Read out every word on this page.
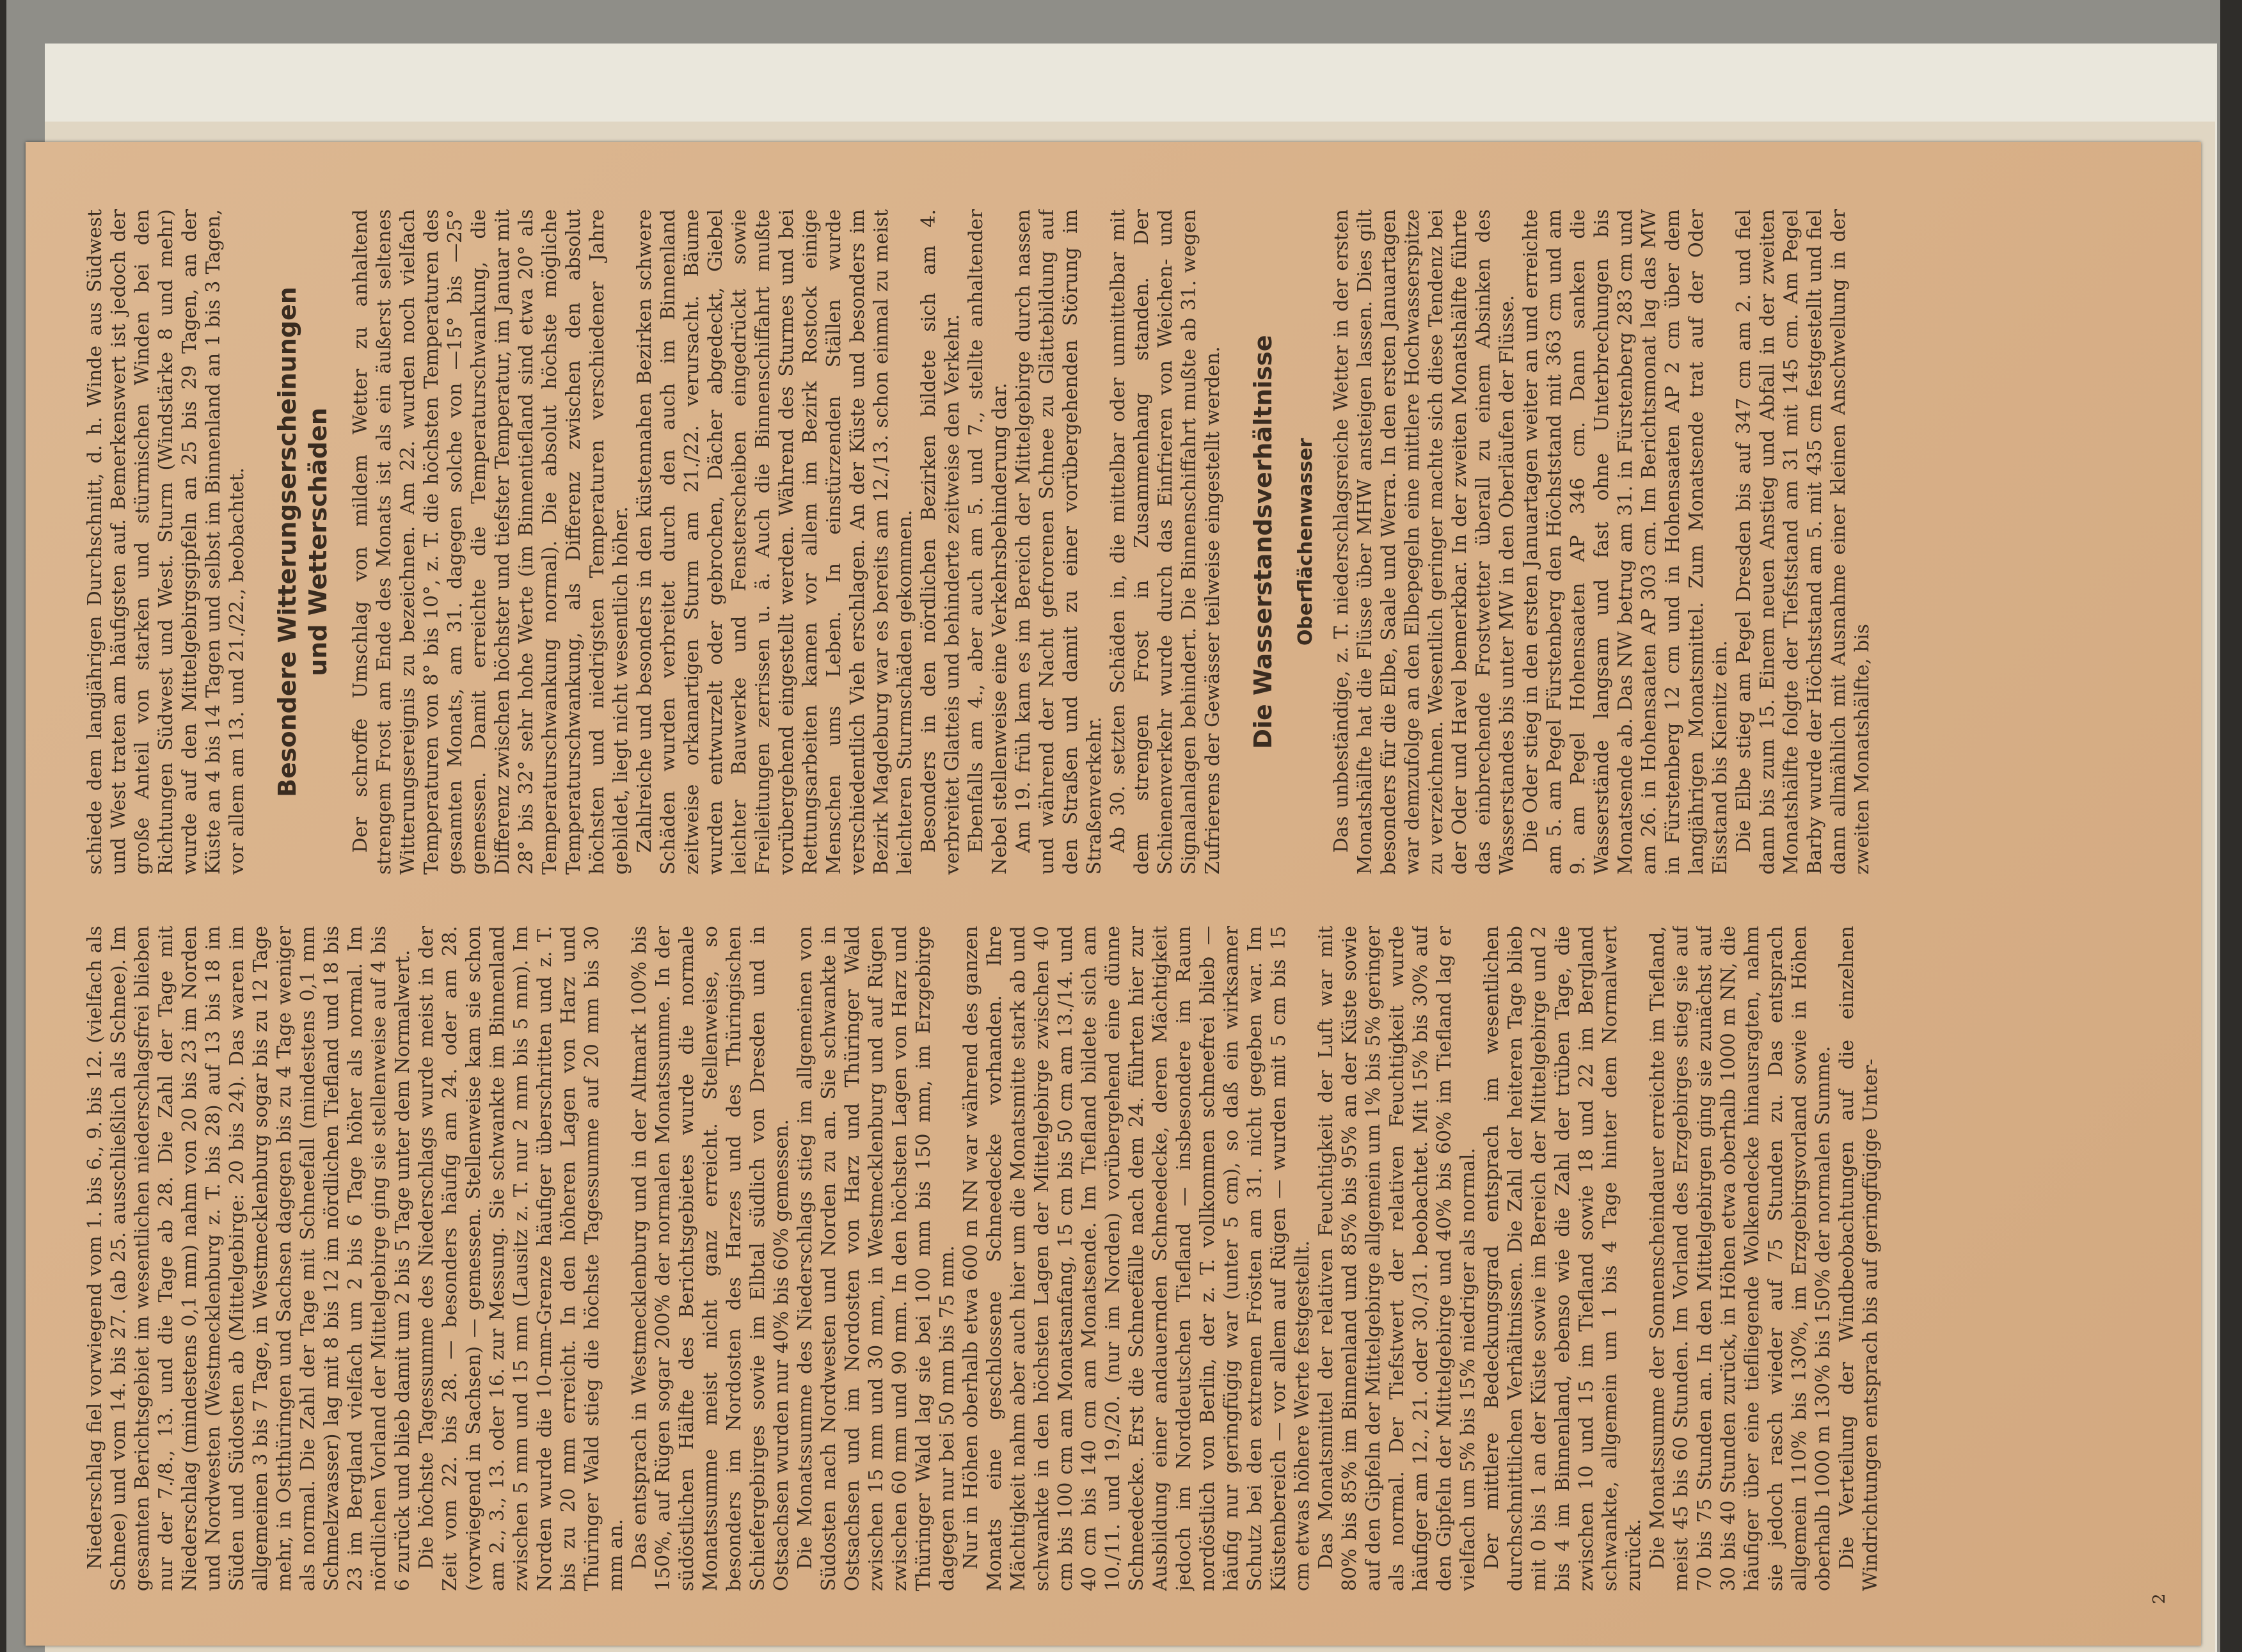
Niederschlag fiel vorwiegend vom 1. bis 6., 9. bis 12. (vielfach als Schnee) und vom 14. bis 27. (ab 25. ausschließlich als Schnee). Im gesamten Berichtsgebiet im wesentlichen niederschlagsfrei blieben nur der 7./8., 13. und die Tage ab 28. Die Zahl der Tage mit Niederschlag (mindestens 0,1 mm) nahm von 20 bis 23 im Norden und Nordwesten (Westmecklenburg z. T. bis 28) auf 13 bis 18 im Süden und Südosten ab (Mittelgebirge: 20 bis 24). Das waren im allgemeinen 3 bis 7 Tage, in Westmecklenburg sogar bis zu 12 Tage mehr, in Ostthüringen und Sachsen dagegen bis zu 4 Tage weniger als normal. Die Zahl der Tage mit Schneefall (mindestens 0,1 mm Schmelzwasser) lag mit 8 bis 12 im nördlichen Tiefland und 18 bis 23 im Bergland vielfach um 2 bis 6 Tage höher als normal. Im nördlichen Vorland der Mittelgebirge ging sie stellenweise auf 4 bis 6 zurück und blieb damit um 2 bis 5 Tage unter dem Normalwert. Die höchste Tagessumme des Niederschlags wurde meist in der Zeit vom 22. bis 28. — besonders häufig am 24. oder am 28. (vorwiegend in Sachsen) — gemessen. Stellenweise kam sie schon am 2., 3., 13. oder 16. zur Messung. Sie schwankte im Binnenland zwischen 5 mm und 15 mm (Lausitz z. T. nur 2 mm bis 5 mm). Im Norden wurde die 10-mm-Grenze häufiger überschritten und z. T. bis zu 20 mm erreicht. In den höheren Lagen von Harz und Thüringer Wald stieg die höchste Tagessumme auf 20 mm bis 30 mm an. Das entsprach in Westmecklenburg und in der Altmark 100% bis 150%, auf Rügen sogar 200% der normalen Monatssumme. In der südöstlichen Hälfte des Berichtsgebietes wurde die normale Monatssumme meist nicht ganz erreicht. Stellenweise, so besonders im Nordosten des Harzes und des Thüringischen Schiefergebirges sowie im Elbtal südlich von Dresden und in Ostsachsen wurden nur 40% bis 60% gemessen. Die Monatssumme des Niederschlags stieg im allgemeinen von Südosten nach Nordwesten und Norden zu an. Sie schwankte in Ostsachsen und im Nordosten von Harz und Thüringer Wald zwischen 15 mm und 30 mm, in Westmecklenburg und auf Rügen zwischen 60 mm und 90 mm. In den höchsten Lagen von Harz und Thüringer Wald lag sie bei 100 mm bis 150 mm, im Erzgebirge dagegen nur bei 50 mm bis 75 mm. Nur in Höhen oberhalb etwa 600 m NN war während des ganzen Monats eine geschlossene Schneedecke vorhanden. Ihre Mächtigkeit nahm aber auch hier um die Monatsmitte stark ab und schwankte in den höchsten Lagen der Mittelgebirge zwischen 40 cm bis 100 cm am Monatsanfang, 15 cm bis 50 cm am 13./14. und 40 cm bis 140 cm am Monatsende. Im Tiefland bildete sich am 10./11. und 19./20. (nur im Norden) vorübergehend eine dünne Schneedecke. Erst die Schneefälle nach dem 24. führten hier zur Ausbildung einer andauernden Schneedecke, deren Mächtigkeit jedoch im Norddeutschen Tiefland — insbesondere im Raum nordöstlich von Berlin, der z. T. vollkommen schneefrei blieb — häufig nur geringfügig war (unter 5 cm), so daß ein wirksamer Schutz bei den extremen Frösten am 31. nicht gegeben war. Im Küstenbereich — vor allem auf Rügen — wurden mit 5 cm bis 15 cm etwas höhere Werte festgestellt. Das Monatsmittel der relativen Feuchtigkeit der Luft war mit 80% bis 85% im Binnenland und 85% bis 95% an der Küste sowie auf den Gipfeln der Mittelgebirge allgemein um 1% bis 5% geringer als normal. Der Tiefstwert der relativen Feuchtigkeit wurde häufiger am 12., 21. oder 30./31. beobachtet. Mit 15% bis 30% auf den Gipfeln der Mittelgebirge und 40% bis 60% im Tiefland lag er vielfach um 5% bis 15% niedriger als normal. Der mittlere Bedeckungsgrad entsprach im wesentlichen durchschnittlichen Verhältnissen. Die Zahl der heiteren Tage blieb mit 0 bis 1 an der Küste sowie im Bereich der Mittelgebirge und 2 bis 4 im Binnenland, ebenso wie die Zahl der trüben Tage, die zwischen 10 und 15 im Tiefland sowie 18 und 22 im Bergland schwankte, allgemein um 1 bis 4 Tage hinter dem Normalwert zurück. Die Monatssumme der Sonnenscheindauer erreichte im Tiefland, meist 45 bis 60 Stunden. Im Vorland des Erzgebirges stieg sie auf 70 bis 75 Stunden an. In den Mittelgebirgen ging sie zunächst auf 30 bis 40 Stunden zurück, in Höhen etwa oberhalb 1000 m NN, die häufiger über eine tiefliegende Wolkendecke hinausragten, nahm sie jedoch rasch wieder auf 75 Stunden zu. Das entsprach allgemein 110% bis 130%, im Erzgebirgsvorland sowie in Höhen oberhalb 1000 m 130% bis 150% der normalen Summe. Die Verteilung der Windbeobachtungen auf die einzelnen Windrichtungen entsprach bis auf geringfügige Unter-

schiede dem langjährigen Durchschnitt, d. h. Winde aus Südwest und West traten am häufigsten auf. Bemerkenswert ist jedoch der große Anteil von starken und stürmischen Winden bei den Richtungen Südwest und West. Sturm (Windstärke 8 und mehr) wurde auf den Mittelgebirgsgipfeln an 25 bis 29 Tagen, an der Küste an 4 bis 14 Tagen und selbst im Binnenland an 1 bis 3 Tagen, vor allem am 13. und 21./22., beobachtet. Besondere Witterungserscheinungen und Wetterschäden Der schroffe Umschlag von mildem Wetter zu anhaltend strengem Frost am Ende des Monats ist als ein äußerst seltenes Witterungsereignis zu bezeichnen. Am 22. wurden noch vielfach Temperaturen von 8° bis 10°, z. T. die höchsten Temperaturen des gesamten Monats, am 31. dagegen solche von —15° bis —25° gemessen. Damit erreichte die Temperaturschwankung, die Differenz zwischen höchster und tiefster Temperatur, im Januar mit 28° bis 32° sehr hohe Werte (im Binnentiefland sind etwa 20° als Temperaturschwankung normal). Die absolut höchste mögliche Temperaturschwankung, als Differenz zwischen den absolut höchsten und niedrigsten Temperaturen verschiedener Jahre gebildet, liegt nicht wesentlich höher. Zahlreiche und besonders in den küstennahen Bezirken schwere Schäden wurden verbreitet durch den auch im Binnenland zeitweise orkanartigen Sturm am 21./22. verursacht. Bäume wurden entwurzelt oder gebrochen, Dächer abgedeckt, Giebel leichter Bauwerke und Fensterscheiben eingedrückt sowie Freileitungen zerrissen u. ä. Auch die Binnenschiffahrt mußte vorübergehend eingestellt werden. Während des Sturmes und bei Rettungsarbeiten kamen vor allem im Bezirk Rostock einige Menschen ums Leben. In einstürzenden Ställen wurde verschiedentlich Vieh erschlagen. An der Küste und besonders im Bezirk Magdeburg war es bereits am 12./13. schon einmal zu meist leichteren Sturmschäden gekommen. Besonders in den nördlichen Bezirken bildete sich am 4. verbreitet Glatteis und behinderte zeitweise den Verkehr. Ebenfalls am 4., aber auch am 5. und 7., stellte anhaltender Nebel stellenweise eine Verkehrsbehinderung dar. Am 19. früh kam es im Bereich der Mittelgebirge durch nassen und während der Nacht gefrorenen Schnee zu Glättebildung auf den Straßen und damit zu einer vorübergehenden Störung im Straßenverkehr. Ab 30. setzten Schäden in, die mittelbar oder unmittelbar mit dem strengen Frost in Zusammenhang standen. Der Schienenverkehr wurde durch das Einfrieren von Weichen- und Signalanlagen behindert. Die Binnenschiffahrt mußte ab 31. wegen Zufrierens der Gewässer teilweise eingestellt werden. Die Wasserstandsverhältnisse Oberflächenwasser Das unbeständige, z. T. niederschlagsreiche Wetter in der ersten Monatshälfte hat die Flüsse über MHW ansteigen lassen. Dies gilt besonders für die Elbe, Saale und Werra. In den ersten Januartagen war demzufolge an den Elbepegeln eine mittlere Hochwasserspitze zu verzeichnen. Wesentlich geringer machte sich diese Tendenz bei der Oder und Havel bemerkbar. In der zweiten Monatshälfte führte das einbrechende Frostwetter überall zu einem Absinken des Wasserstandes bis unter MW in den Oberläufen der Flüsse. Die Oder stieg in den ersten Januartagen weiter an und erreichte am 5. am Pegel Fürstenberg den Höchststand mit 363 cm und am 9. am Pegel Hohensaaten AP 346 cm. Dann sanken die Wasserstände langsam und fast ohne Unterbrechungen bis Monatsende ab. Das NW betrug am 31. in Fürstenberg 283 cm und am 26. in Hohensaaten AP 303 cm. Im Berichtsmonat lag das MW in Fürstenberg 12 cm und in Hohensaaten AP 2 cm über dem langjährigen Monatsmittel. Zum Monatsende trat auf der Oder Eisstand bis Kienitz ein. Die Elbe stieg am Pegel Dresden bis auf 347 cm am 2. und fiel dann bis zum 15. Einem neuen Anstieg und Abfall in der zweiten Monatshälfte folgte der Tiefststand am 31 mit 145 cm. Am Pegel Barby wurde der Höchststand am 5. mit 435 cm festgestellt und fiel dann allmählich mit Ausnahme einer kleinen Anschwellung in der zweiten Monatshälfte, bis

2
